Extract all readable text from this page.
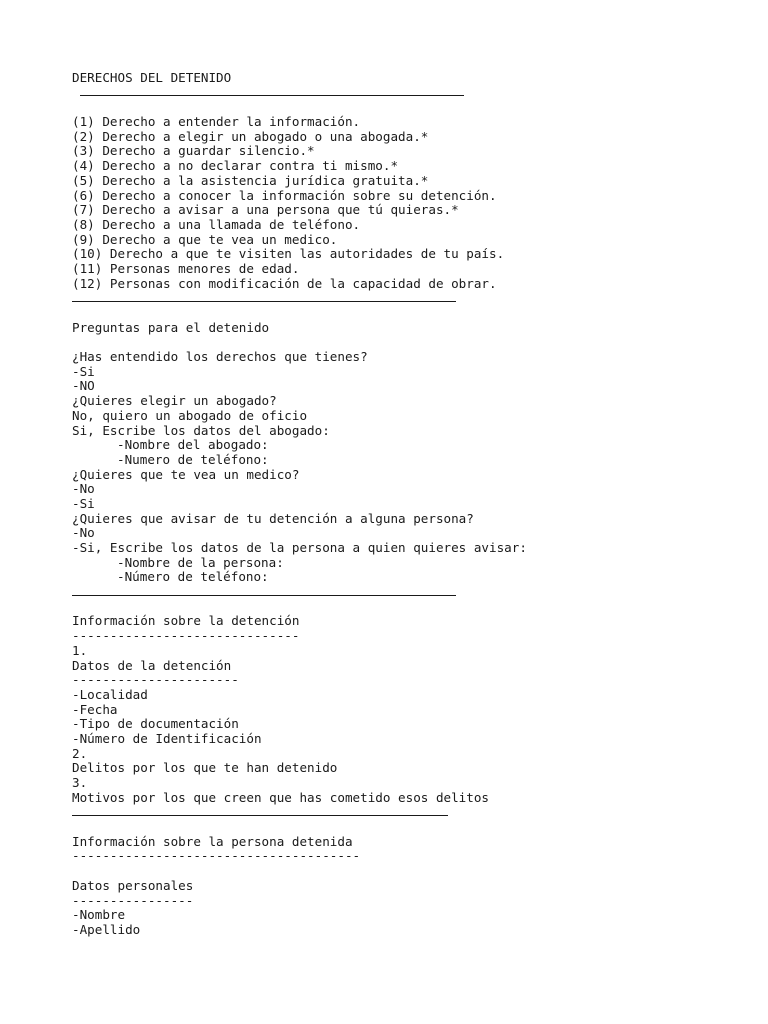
DERECHOS DEL DETENIDO
(1) Derecho a entender la información.
(2) Derecho a elegir un abogado o una abogada.*
(3) Derecho a guardar silencio.*
(4) Derecho a no declarar contra ti mismo.*
(5) Derecho a la asistencia jurídica gratuita.*
(6) Derecho a conocer la información sobre su detención.
(7) Derecho a avisar a una persona que tú quieras.*
(8) Derecho a una llamada de teléfono.
(9) Derecho a que te vea un medico.
(10) Derecho a que te visiten las autoridades de tu país.
(11) Personas menores de edad.
(12) Personas con modificación de la capacidad de obrar.
Preguntas para el detenido
¿Has entendido los derechos que tienes?
-Si
-NO
¿Quieres elegir un abogado?
No, quiero un abogado de oficio
Si, Escribe los datos del abogado:
-Nombre del abogado:
-Numero de teléfono:
¿Quieres que te vea un medico?
-No
-Si
¿Quieres que avisar de tu detención a alguna persona?
-No
-Si, Escribe los datos de la persona a quien quieres avisar:
-Nombre de la persona:
-Número de teléfono:
Información sobre la detención
------------------------------
1.
Datos de la detención
----------------------
-Localidad
-Fecha
-Tipo de documentación
-Número de Identificación
2.
Delitos por los que te han detenido
3.
Motivos por los que creen que has cometido esos delitos
Información sobre la persona detenida
--------------------------------------
Datos personales
----------------
-Nombre
-Apellido
